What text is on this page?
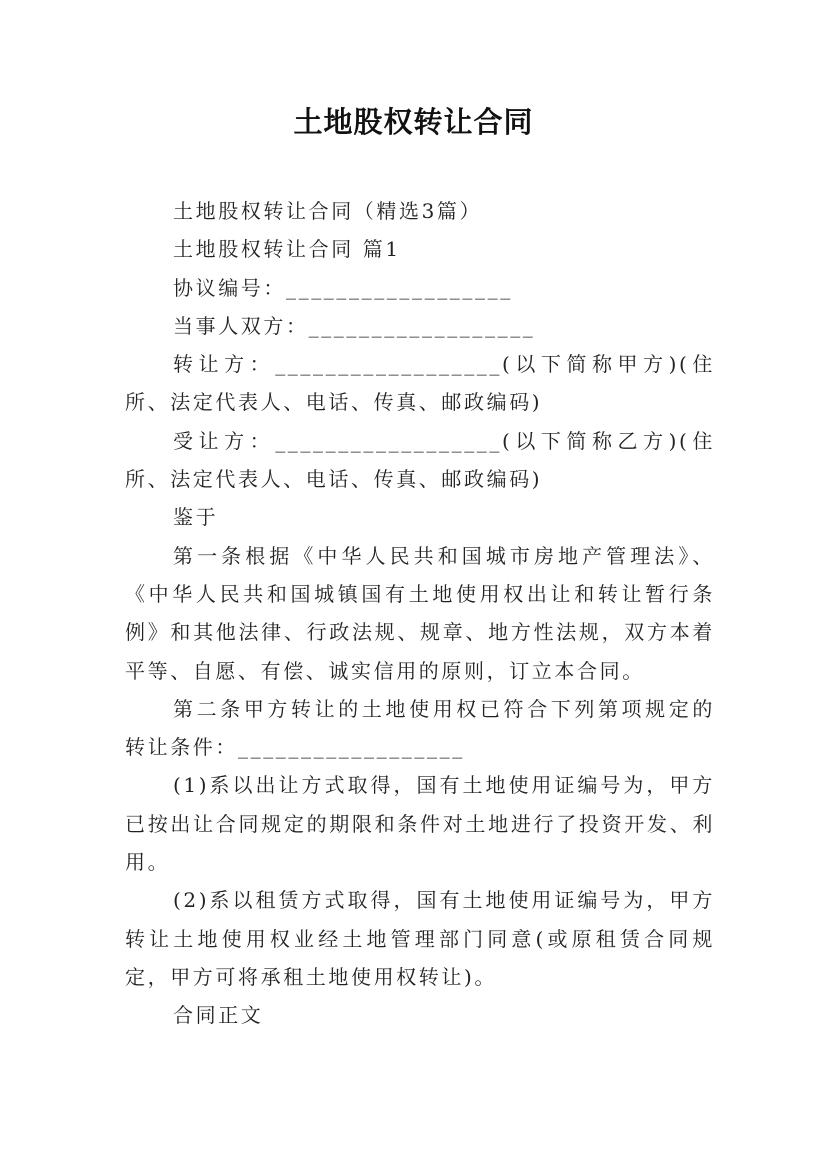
土地股权转让合同

土地股权转让合同（精选3篇）

土地股权转让合同 篇1

协议编号：__________________

当事人双方：__________________

转让方：__________________(以下简称甲方)(住所、法定代表人、电话、传真、邮政编码)

受让方：__________________(以下简称乙方)(住所、法定代表人、电话、传真、邮政编码)

鉴于

第一条根据《中华人民共和国城市房地产管理法》、《中华人民共和国城镇国有土地使用权出让和转让暂行条例》和其他法律、行政法规、规章、地方性法规，双方本着平等、自愿、有偿、诚实信用的原则，订立本合同。

第二条甲方转让的土地使用权已符合下列第项规定的转让条件：__________________

(1)系以出让方式取得，国有土地使用证编号为，甲方已按出让合同规定的期限和条件对土地进行了投资开发、利用。

(2)系以租赁方式取得，国有土地使用证编号为，甲方转让土地使用权业经土地管理部门同意(或原租赁合同规定，甲方可将承租土地使用权转让)。

合同正文
